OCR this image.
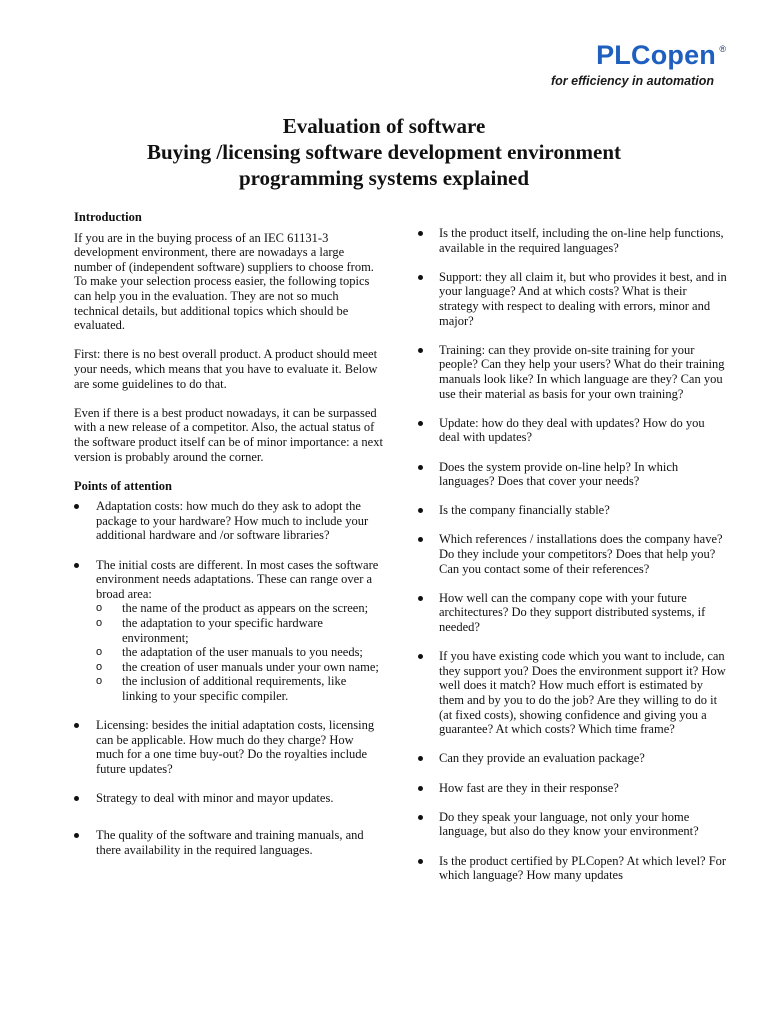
PLCopen ®
for efficiency in automation
Evaluation of software
Buying /licensing software development environment
programming systems explained
Introduction

If you are in the buying process of an IEC 61131-3 development environment, there are nowadays a large number of (independent software) suppliers to choose from. To make your selection process easier, the following topics can help you in the evaluation. They are not so much technical details, but additional topics which should be evaluated.

First: there is no best overall product. A product should meet your needs, which means that you have to evaluate it. Below are some guidelines to do that.

Even if there is a best product nowadays, it can be surpassed with a new release of a competitor. Also, the actual status of the software product itself can be of minor importance: a next version is probably around the corner.

Points of attention
Adaptation costs: how much do they ask to adopt the package to your hardware? How much to include your additional hardware and /or software libraries?
The initial costs are different. In most cases the software environment needs adaptations. These can range over a broad area:
o the name of the product as appears on the screen;
o the adaptation to your specific hardware environment;
o the adaptation of the user manuals to you needs;
o the creation of user manuals under your own name;
o the inclusion of additional requirements, like linking to your specific compiler.
Licensing: besides the initial adaptation costs, licensing can be applicable. How much do they charge? How much for a one time buy-out? Do the royalties include future updates?
Strategy to deal with minor and mayor updates.
The quality of the software and training manuals, and there availability in the required languages.
Is the product itself, including the on-line help functions, available in the required languages?
Support: they all claim it, but who provides it best, and in your language? And at which costs? What is their strategy with respect to dealing with errors, minor and major?
Training: can they provide on-site training for your people? Can they help your users? What do their training manuals look like? In which language are they? Can you use their material as basis for your own training?
Update: how do they deal with updates? How do you deal with updates?
Does the system provide on-line help? In which languages? Does that cover your needs?
Is the company financially stable?
Which references / installations does the company have? Do they include your competitors? Does that help you? Can you contact some of their references?
How well can the company cope with your future architectures? Do they support distributed systems, if needed?
If you have existing code which you want to include, can they support you? Does the environment support it? How well does it match? How much effort is estimated by them and by you to do the job? Are they willing to do it (at fixed costs), showing confidence and giving you a guarantee? At which costs? Which time frame?
Can they provide an evaluation package?
How fast are they in their response?
Do they speak your language, not only your home language, but also do they know your environment?
Is the product certified by PLCopen? At which level? For which language? How many updates
